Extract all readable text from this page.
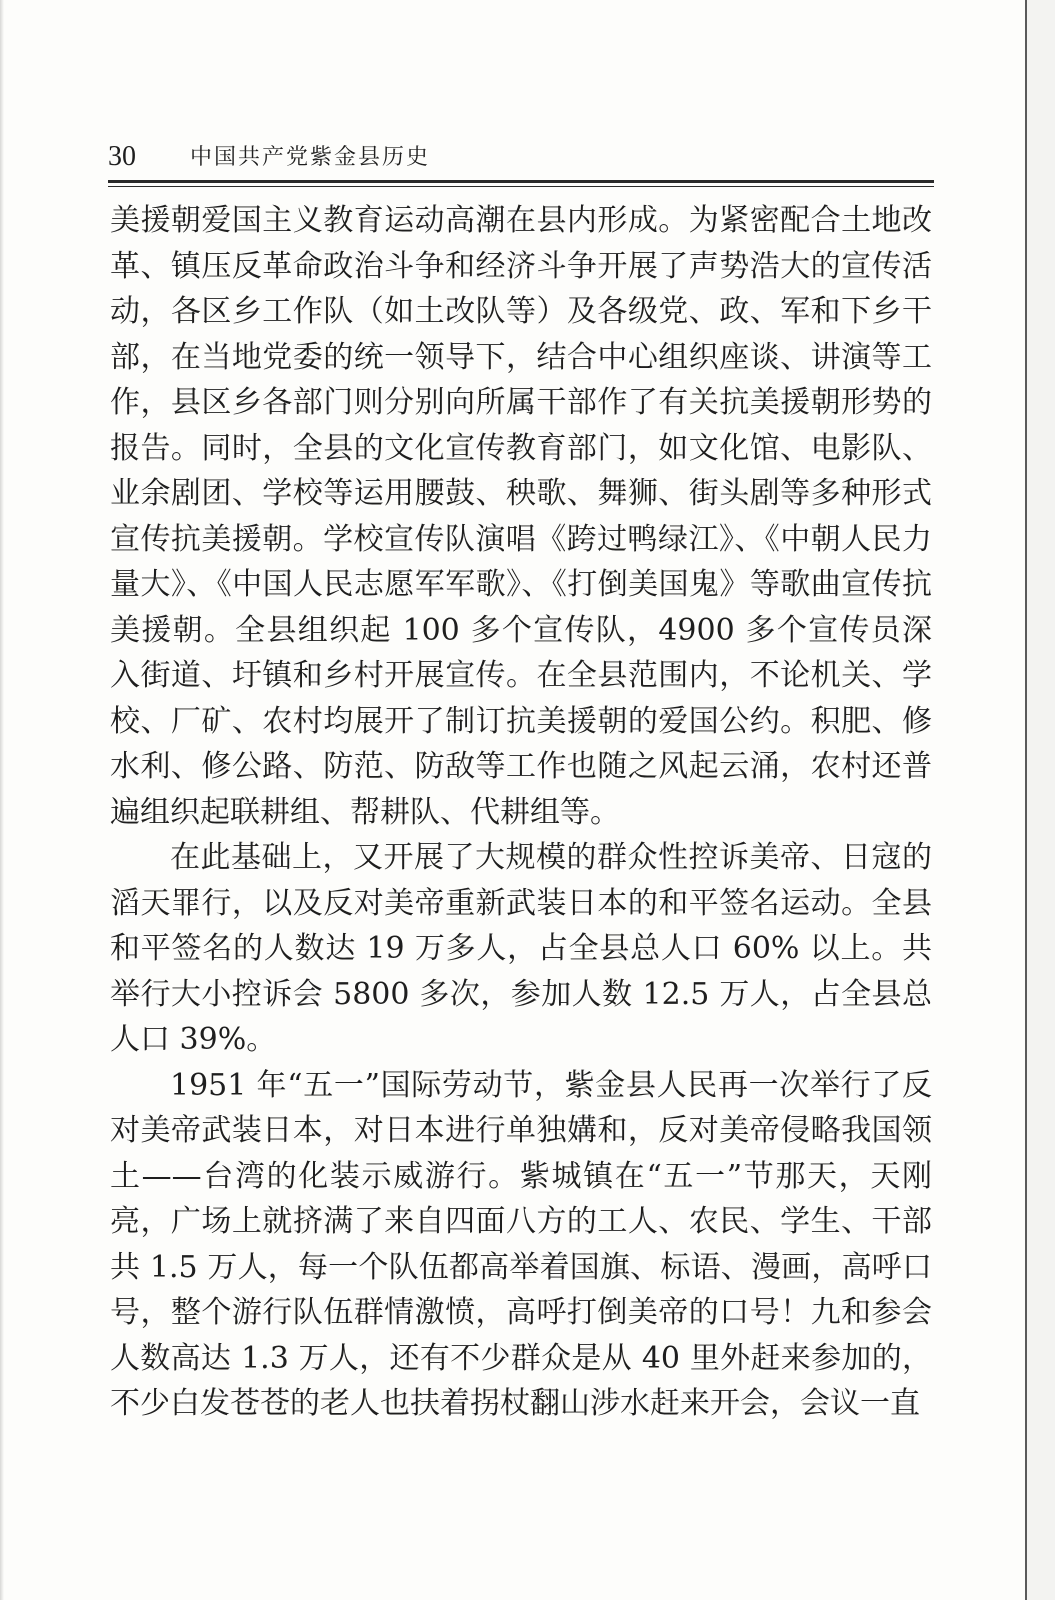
30 中国共产党紫金县历史

美援朝爱国主义教育运动高潮在县内形成。为紧密配合土地改革、镇压反革命政治斗争和经济斗争开展了声势浩大的宣传活动，各区乡工作队（如土改队等）及各级党、政、军和下乡干部，在当地党委的统一领导下，结合中心组织座谈、讲演等工作，县区乡各部门则分别向所属干部作了有关抗美援朝形势的报告。同时，全县的文化宣传教育部门，如文化馆、电影队、业余剧团、学校等运用腰鼓、秧歌、舞狮、街头剧等多种形式宣传抗美援朝。学校宣传队演唱《跨过鸭绿江》、《中朝人民力量大》、《中国人民志愿军军歌》、《打倒美国鬼》等歌曲宣传抗美援朝。全县组织起 100 多个宣传队，4900 多个宣传员深入街道、圩镇和乡村开展宣传。在全县范围内，不论机关、学校、厂矿、农村均展开了制订抗美援朝的爱国公约。积肥、修水利、修公路、防范、防敌等工作也随之风起云涌，农村还普遍组织起联耕组、帮耕队、代耕组等。

在此基础上，又开展了大规模的群众性控诉美帝、日寇的滔天罪行，以及反对美帝重新武装日本的和平签名运动。全县和平签名的人数达 19 万多人，占全县总人口 60% 以上。共举行大小控诉会 5800 多次，参加人数 12.5 万人，占全县总人口 39%。

1951 年“五一”国际劳动节，紫金县人民再一次举行了反对美帝武装日本，对日本进行单独媾和，反对美帝侵略我国领土——台湾的化装示威游行。紫城镇在“五一”节那天，天刚亮，广场上就挤满了来自四面八方的工人、农民、学生、干部共 1.5 万人，每一个队伍都高举着国旗、标语、漫画，高呼口号，整个游行队伍群情激愤，高呼打倒美帝的口号！九和参会人数高达 1.3 万人，还有不少群众是从 40 里外赶来参加的，不少白发苍苍的老人也扶着拐杖翻山涉水赶来开会，会议一直
